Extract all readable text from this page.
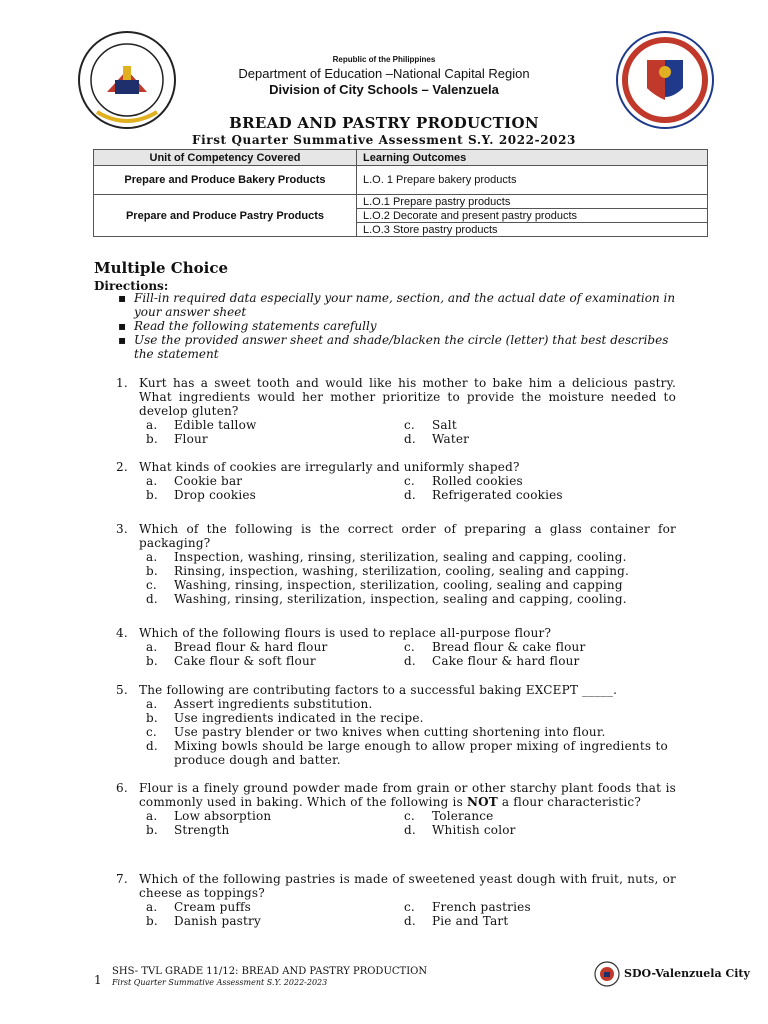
Republic of the Philippines
Department of Education –National Capital Region
Division of City Schools – Valenzuela
BREAD AND PASTRY PRODUCTION
First Quarter Summative Assessment S.Y. 2022-2023
Unit of Competency Covered	Learning Outcomes
Prepare and Produce Bakery Products	L.O. 1 Prepare bakery products
Prepare and Produce Pastry Products	L.O.1 Prepare pastry products
	L.O.2 Decorate and present pastry products
	L.O.3 Store pastry products
Multiple Choice
Directions:
▪ Fill-in required data especially your name, section, and the actual date of examination in your answer sheet
▪ Read the following statements carefully
▪ Use the provided answer sheet and shade/blacken the circle (letter) that best describes the statement
1. Kurt has a sweet tooth and would like his mother to bake him a delicious pastry. What ingredients would her mother prioritize to provide the moisture needed to develop gluten?
a.	Edible tallow	c.	Salt
b.	Flour	d.	Water
2. What kinds of cookies are irregularly and uniformly shaped?
a.	Cookie bar	c.	Rolled cookies
b.	Drop cookies	d.	Refrigerated cookies
3. Which of the following is the correct order of preparing a glass container for packaging?
a.	Inspection, washing, rinsing, sterilization, sealing and capping, cooling.
b.	Rinsing, inspection, washing, sterilization, cooling, sealing and capping.
c.	Washing, rinsing, inspection, sterilization, cooling, sealing and capping
d.	Washing, rinsing, sterilization, inspection, sealing and capping, cooling.
4. Which of the following flours is used to replace all-purpose flour?
a.	Bread flour & hard flour	c.	Bread flour & cake flour
b.	Cake flour & soft flour	d.	Cake flour & hard flour
5. The following are contributing factors to a successful baking EXCEPT _____.
a.	Assert ingredients substitution.
b.	Use ingredients indicated in the recipe.
c.	Use pastry blender or two knives when cutting shortening into flour.
d.	Mixing bowls should be large enough to allow proper mixing of ingredients to produce dough and batter.
6. Flour is a finely ground powder made from grain or other starchy plant foods that is commonly used in baking. Which of the following is NOT a flour characteristic?
a.	Low absorption	c.	Tolerance
b.	Strength	d.	Whitish color
7. Which of the following pastries is made of sweetened yeast dough with fruit, nuts, or cheese as toppings?
a.	Cream puffs	c.	French pastries
b.	Danish pastry	d.	Pie and Tart
1
SHS- TVL GRADE 11/12: BREAD AND PASTRY PRODUCTION
First Quarter Summative Assessment S.Y. 2022-2023
SDO-Valenzuela City
